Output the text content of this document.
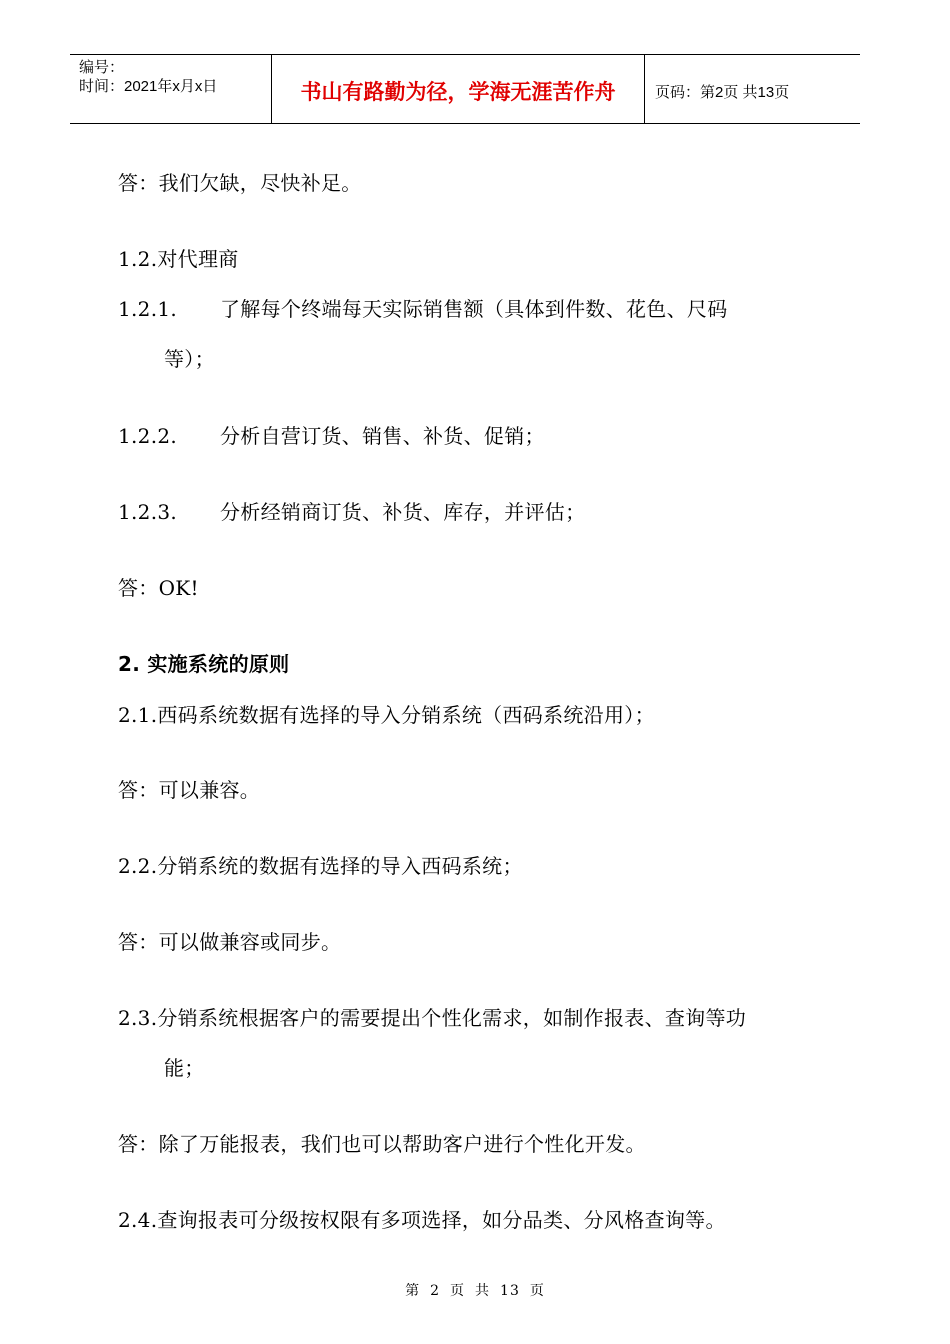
编号：
时间：2021年x月x日	书山有路勤为径，学海无涯苦作舟	页码：第2页 共13页
答：我们欠缺，尽快补足。
1.2.对代理商
1.2.1. 了解每个终端每天实际销售额（具体到件数、花色、尺码
等）；
1.2.2. 分析自营订货、销售、补货、促销；
1.2.3. 分析经销商订货、补货、库存，并评估；
答：OK!
2. 实施系统的原则
2.1.西码系统数据有选择的导入分销系统（西码系统沿用）；
答：可以兼容。
2.2.分销系统的数据有选择的导入西码系统；
答：可以做兼容或同步。
2.3.分销系统根据客户的需要提出个性化需求，如制作报表、查询等功
能；
答：除了万能报表，我们也可以帮助客户进行个性化开发。
2.4.查询报表可分级按权限有多项选择，如分品类、分风格查询等。
第 2 页 共 13 页
